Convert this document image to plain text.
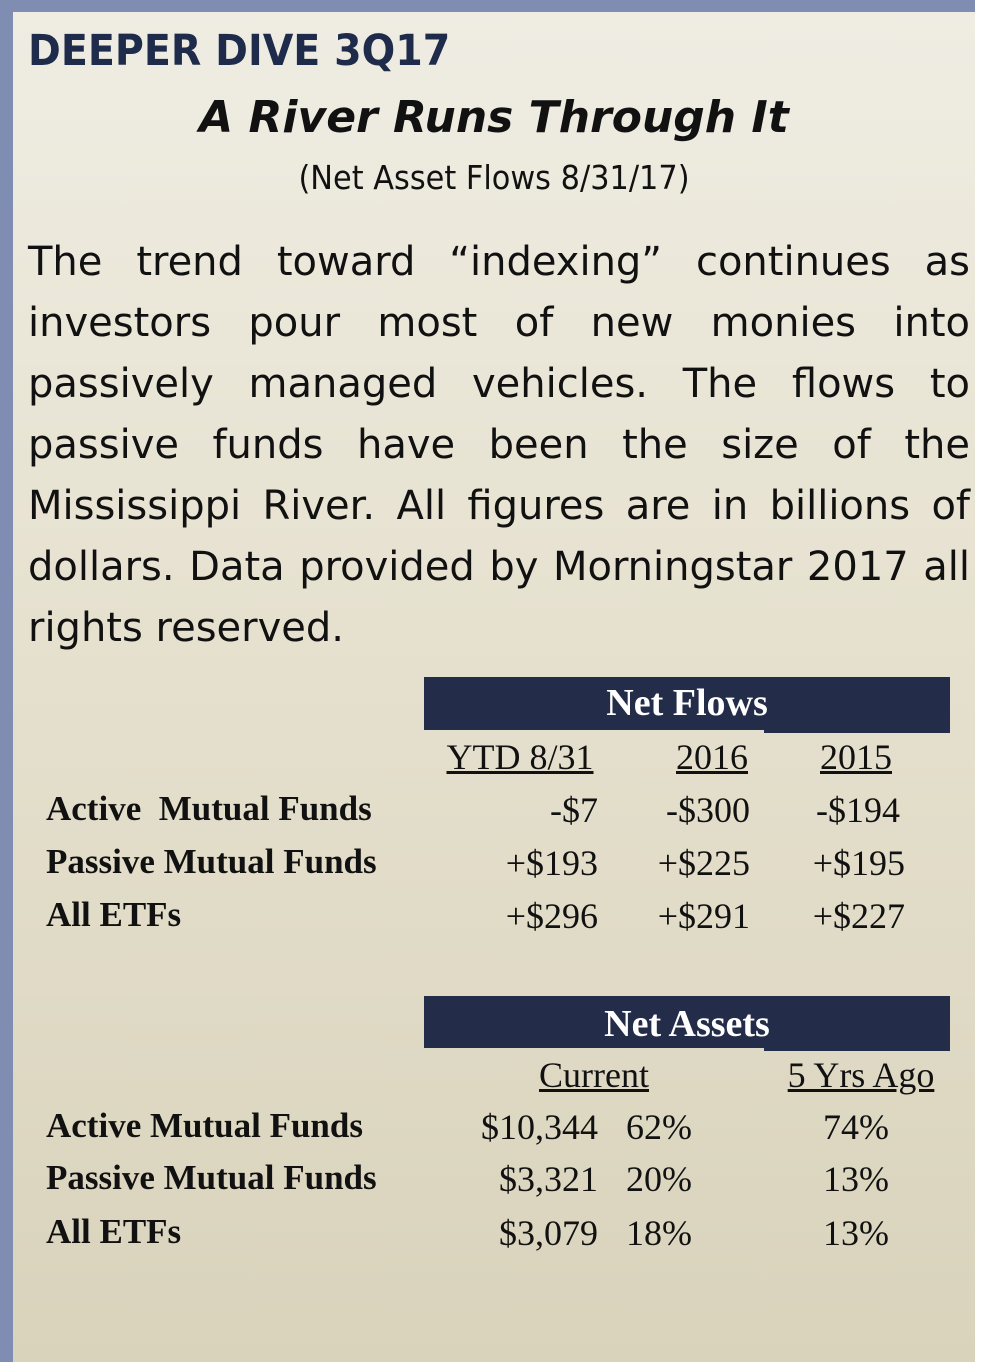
DEEPER DIVE 3Q17
A River Runs Through It
(Net Asset Flows 8/31/17)
The trend toward “indexing” continues as investors pour most of new monies into passively managed vehicles. The flows to passive funds have been the size of the Mississippi River. All figures are in billions of dollars. Data provided by Morningstar 2017 all rights reserved.
Net Flows
YTD 8/31	2016	2015
Active  Mutual Funds	-$7	-$300	-$194
Passive Mutual Funds	+$193	+$225	+$195
All ETFs	+$296	+$291	+$227
Net Assets
Current	5 Yrs Ago
Active Mutual Funds	$10,344 62%	74%
Passive Mutual Funds	$3,321 20%	13%
All ETFs	$3,079 18%	13%
